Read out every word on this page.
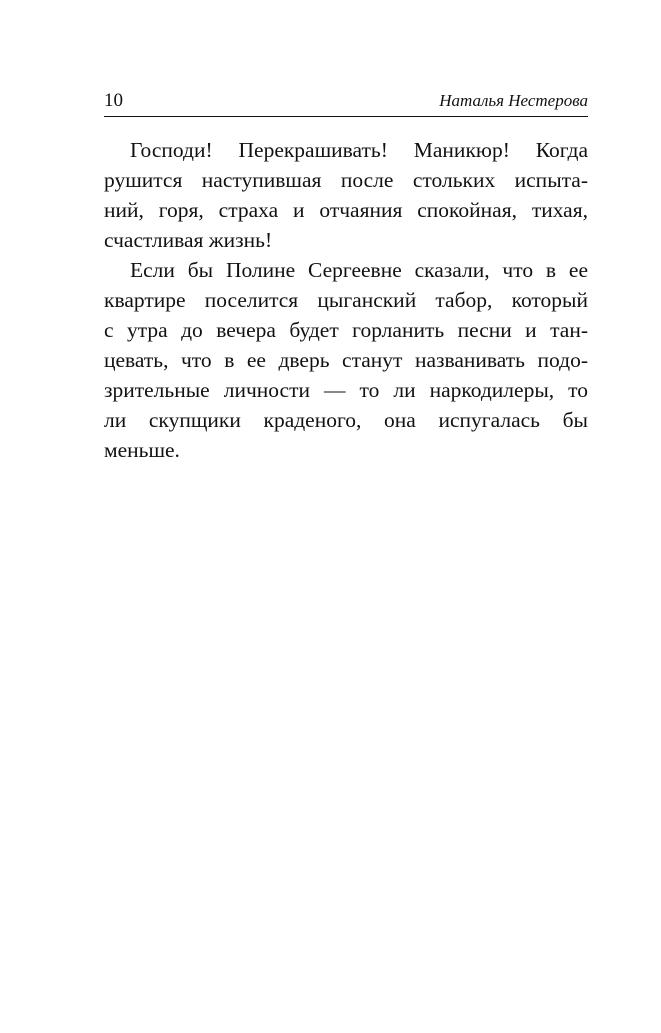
10	Наталья Нестерова
Господи! Перекрашивать! Маникюр! Когда
рушится наступившая после стольких испыта-
ний, горя, страха и отчаяния спокойная, тихая,
счастливая жизнь!
Если бы Полине Сергеевне сказали, что в ее
квартире поселится цыганский табор, который
с утра до вечера будет горланить песни и тан-
цевать, что в ее дверь станут названивать подо-
зрительные личности — то ли наркодилеры, то
ли скупщики краденого, она испугалась бы
меньше.
